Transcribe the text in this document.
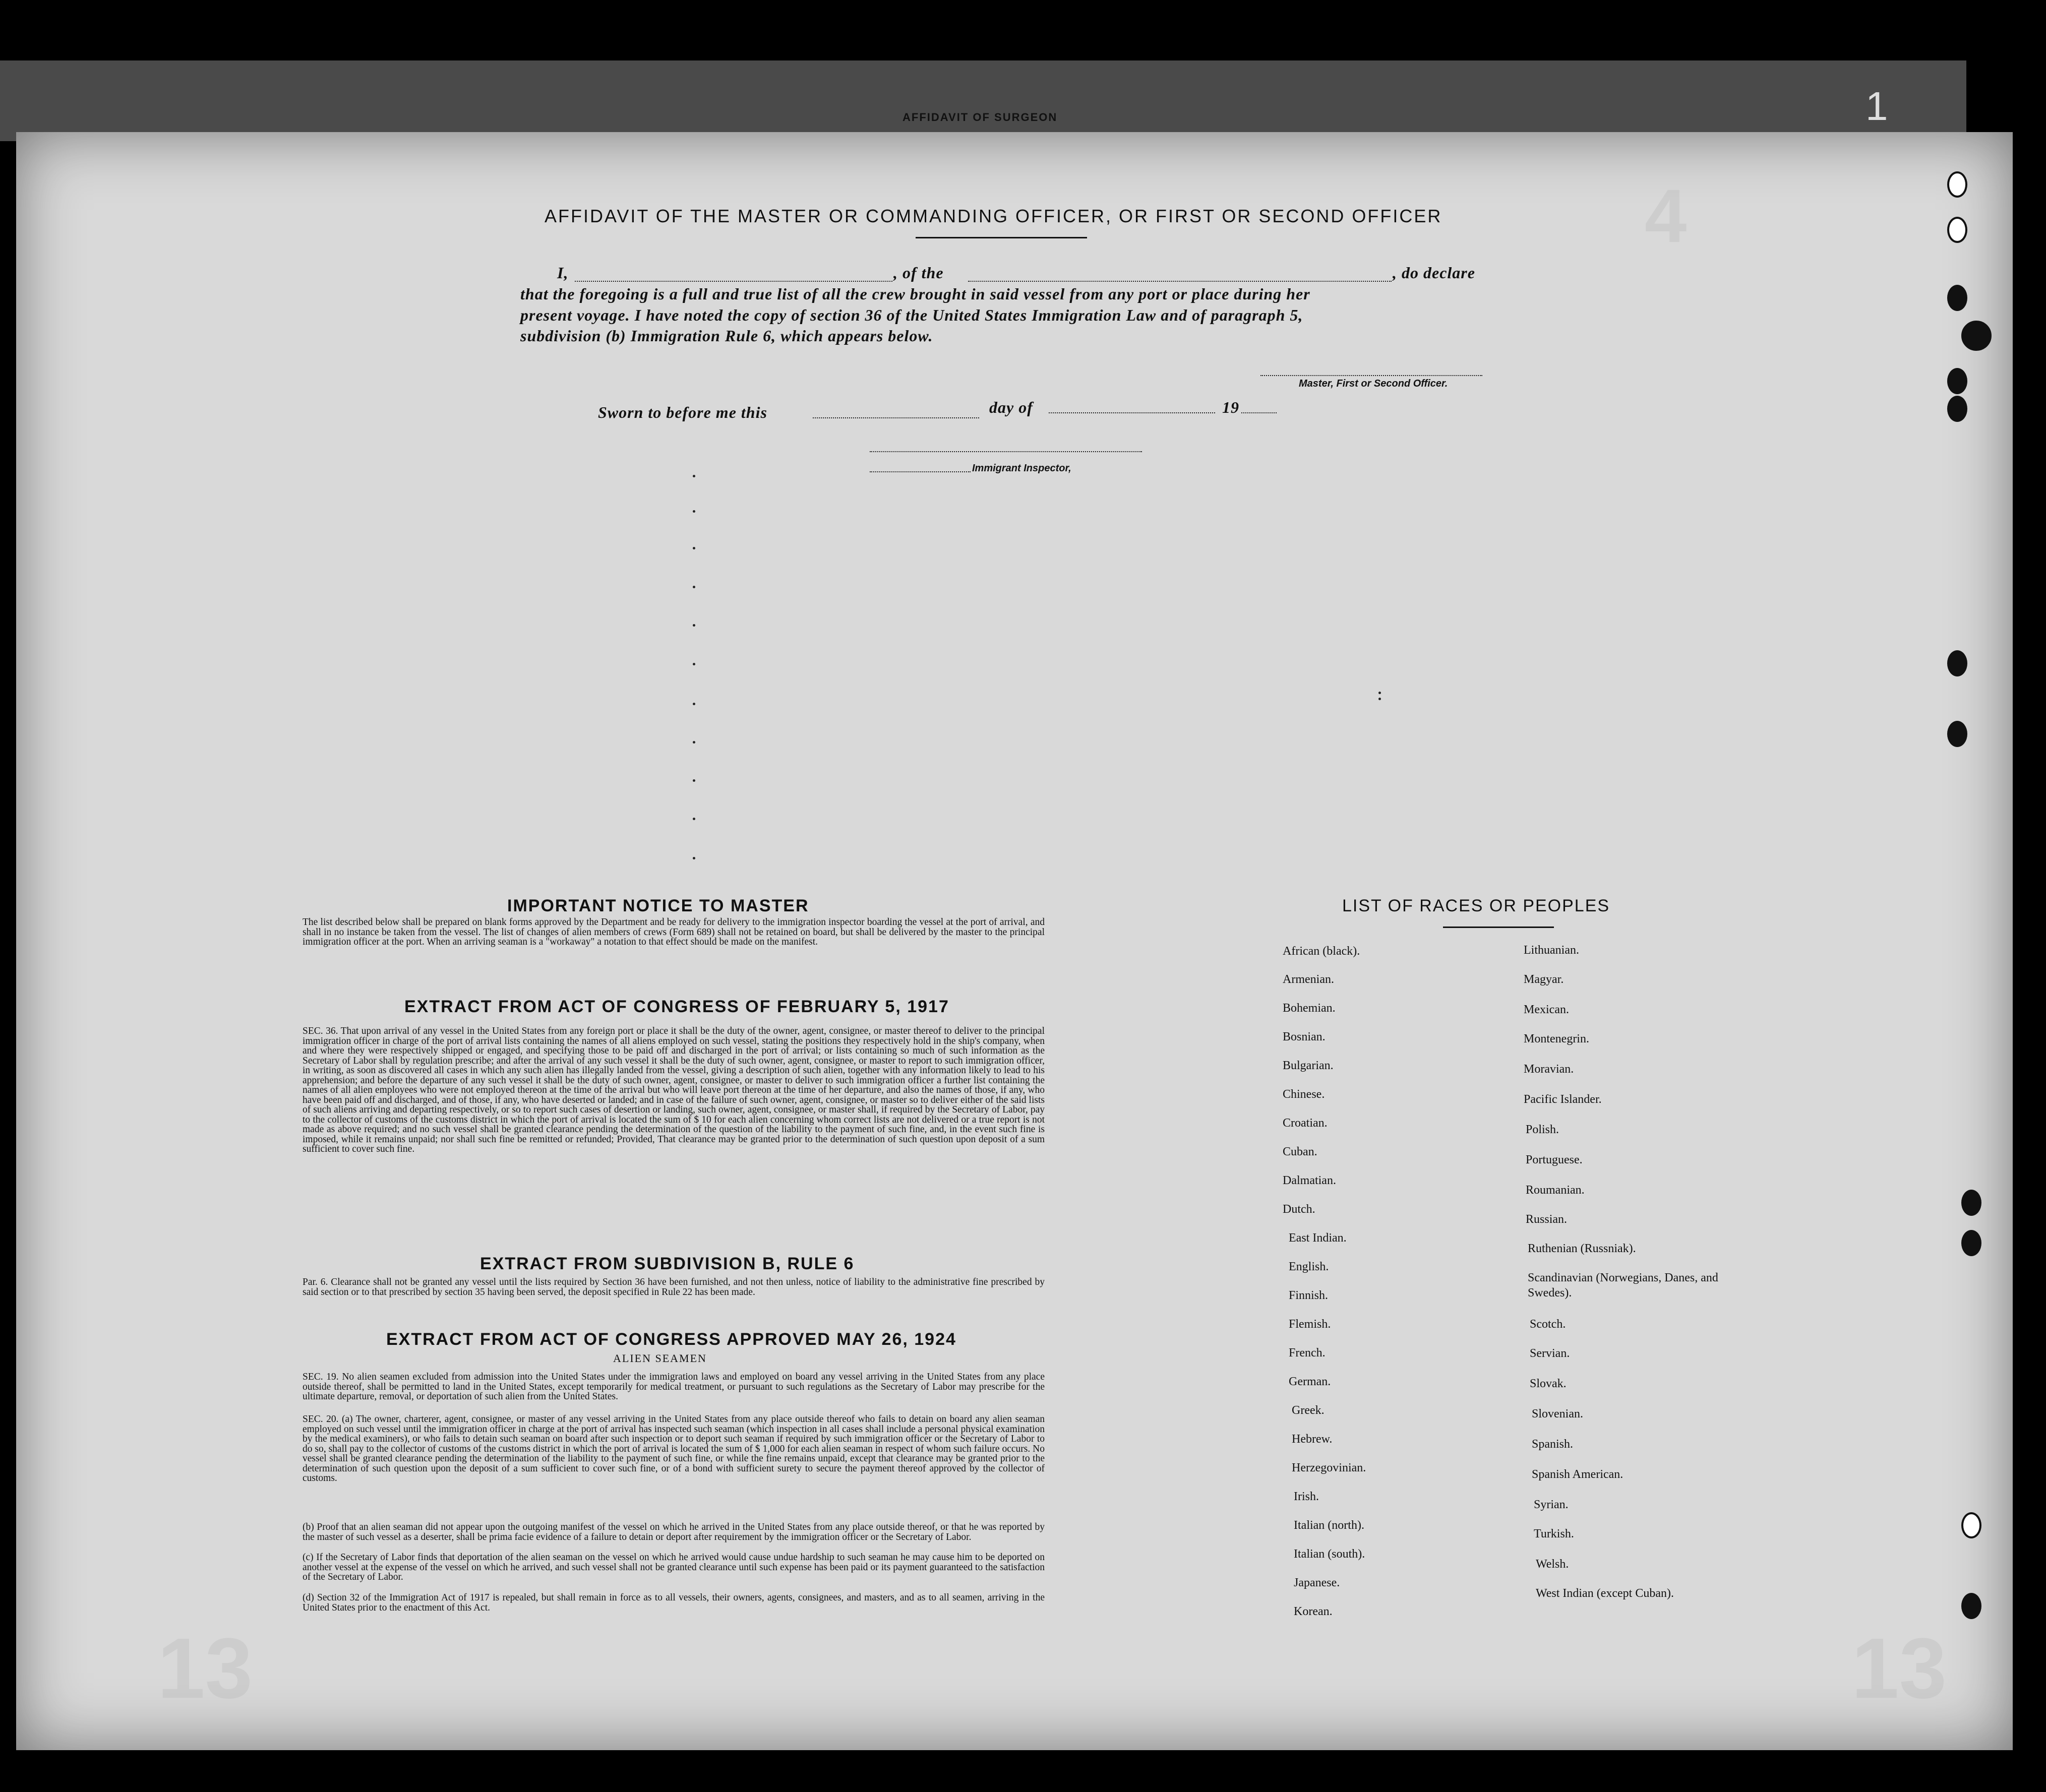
AFFIDAVIT OF SURGEON	1
4
13	13
AFFIDAVIT OF THE MASTER OR COMMANDING OFFICER, OR FIRST OR SECOND OFFICER
I,	, of the	, do declare
that the foregoing is a full and true list of all the crew brought in said vessel from any port or place during her
present voyage. I have noted the copy of section 36 of the United States Immigration Law and of paragraph 5,
subdivision (b) Immigration Rule 6, which appears below.
Master, First or Second Officer.
Sworn to before me this	day of	19
Immigrant Inspector,
IMPORTANT NOTICE TO MASTER
The list described below shall be prepared on blank forms approved by the Department and be ready for delivery to the immigration inspector boarding the vessel at the port of arrival, and shall in no instance be taken from the vessel. The list of changes of alien members of crews (Form 689) shall not be retained on board, but shall be delivered by the master to the principal immigration officer at the port. When an arriving seaman is a "workaway" a notation to that effect should be made on the manifest.
EXTRACT FROM ACT OF CONGRESS OF FEBRUARY 5, 1917
SEC. 36. That upon arrival of any vessel in the United States from any foreign port or place it shall be the duty of the owner, agent, consignee, or master thereof to deliver to the principal immigration officer in charge of the port of arrival lists containing the names of all aliens employed on such vessel, stating the positions they respectively hold in the ship's company, when and where they were respectively shipped or engaged, and specifying those to be paid off and discharged in the port of arrival; or lists containing so much of such information as the Secretary of Labor shall by regulation prescribe; and after the arrival of any such vessel it shall be the duty of such owner, agent, consignee, or master to report to such immigration officer, in writing, as soon as discovered all cases in which any such alien has illegally landed from the vessel, giving a description of such alien, together with any information likely to lead to his apprehension; and before the departure of any such vessel it shall be the duty of such owner, agent, consignee, or master to deliver to such immigration officer a further list containing the names of all alien employees who were not employed thereon at the time of the arrival but who will leave port thereon at the time of her departure, and also the names of those, if any, who have been paid off and discharged, and of those, if any, who have deserted or landed; and in case of the failure of such owner, agent, consignee, or master so to deliver either of the said lists of such aliens arriving and departing respectively, or so to report such cases of desertion or landing, such owner, agent, consignee, or master shall, if required by the Secretary of Labor, pay to the collector of customs of the customs district in which the port of arrival is located the sum of $ 10 for each alien concerning whom correct lists are not delivered or a true report is not made as above required; and no such vessel shall be granted clearance pending the determination of the question of the liability to the payment of such fine, and, in the event such fine is imposed, while it remains unpaid; nor shall such fine be remitted or refunded; Provided, That clearance may be granted prior to the determination of such question upon deposit of a sum sufficient to cover such fine.
EXTRACT FROM SUBDIVISION B, RULE 6
Par. 6. Clearance shall not be granted any vessel until the lists required by Section 36 have been furnished, and not then unless, notice of liability to the administrative fine prescribed by said section or to that prescribed by section 35 having been served, the deposit specified in Rule 22 has been made.
EXTRACT FROM ACT OF CONGRESS APPROVED MAY 26, 1924
ALIEN SEAMEN
SEC. 19. No alien seamen excluded from admission into the United States under the immigration laws and employed on board any vessel arriving in the United States from any place outside thereof, shall be permitted to land in the United States, except temporarily for medical treatment, or pursuant to such regulations as the Secretary of Labor may prescribe for the ultimate departure, removal, or deportation of such alien from the United States.
SEC. 20. (a) The owner, charterer, agent, consignee, or master of any vessel arriving in the United States from any place outside thereof who fails to detain on board any alien seaman employed on such vessel until the immigration officer in charge at the port of arrival has inspected such seaman (which inspection in all cases shall include a personal physical examination by the medical examiners), or who fails to detain such seaman on board after such inspection or to deport such seaman if required by such immigration officer or the Secretary of Labor to do so, shall pay to the collector of customs of the customs district in which the port of arrival is located the sum of $ 1,000 for each alien seaman in respect of whom such failure occurs. No vessel shall be granted clearance pending the determination of the liability to the payment of such fine, or while the fine remains unpaid, except that clearance may be granted prior to the determination of such question upon the deposit of a sum sufficient to cover such fine, or of a bond with sufficient surety to secure the payment thereof approved by the collector of customs.
(b) Proof that an alien seaman did not appear upon the outgoing manifest of the vessel on which he arrived in the United States from any place outside thereof, or that he was reported by the master of such vessel as a deserter, shall be prima facie evidence of a failure to detain or deport after requirement by the immigration officer or the Secretary of Labor.
(c) If the Secretary of Labor finds that deportation of the alien seaman on the vessel on which he arrived would cause undue hardship to such seaman he may cause him to be deported on another vessel at the expense of the vessel on which he arrived, and such vessel shall not be granted clearance until such expense has been paid or its payment guaranteed to the satisfaction of the Secretary of Labor.
(d) Section 32 of the Immigration Act of 1917 is repealed, but shall remain in force as to all vessels, their owners, agents, consignees, and masters, and as to all seamen, arriving in the United States prior to the enactment of this Act.
LIST OF RACES OR PEOPLES
African (black).
Armenian.
Bohemian.
Bosnian.
Bulgarian.
Chinese.
Croatian.
Cuban.
Dalmatian.
Dutch.
East Indian.
English.
Finnish.
Flemish.
French.
German.
Greek.
Hebrew.
Herzegovinian.
Irish.
Italian (north).
Italian (south).
Japanese.
Korean.
Lithuanian.
Magyar.
Mexican.
Montenegrin.
Moravian.
Pacific Islander.
Polish.
Portuguese.
Roumanian.
Russian.
Ruthenian (Russniak).
Scandinavian (Norwegians, Danes, and Swedes).
Scotch.
Servian.
Slovak.
Slovenian.
Spanish.
Spanish American.
Syrian.
Turkish.
Welsh.
West Indian (except Cuban).
